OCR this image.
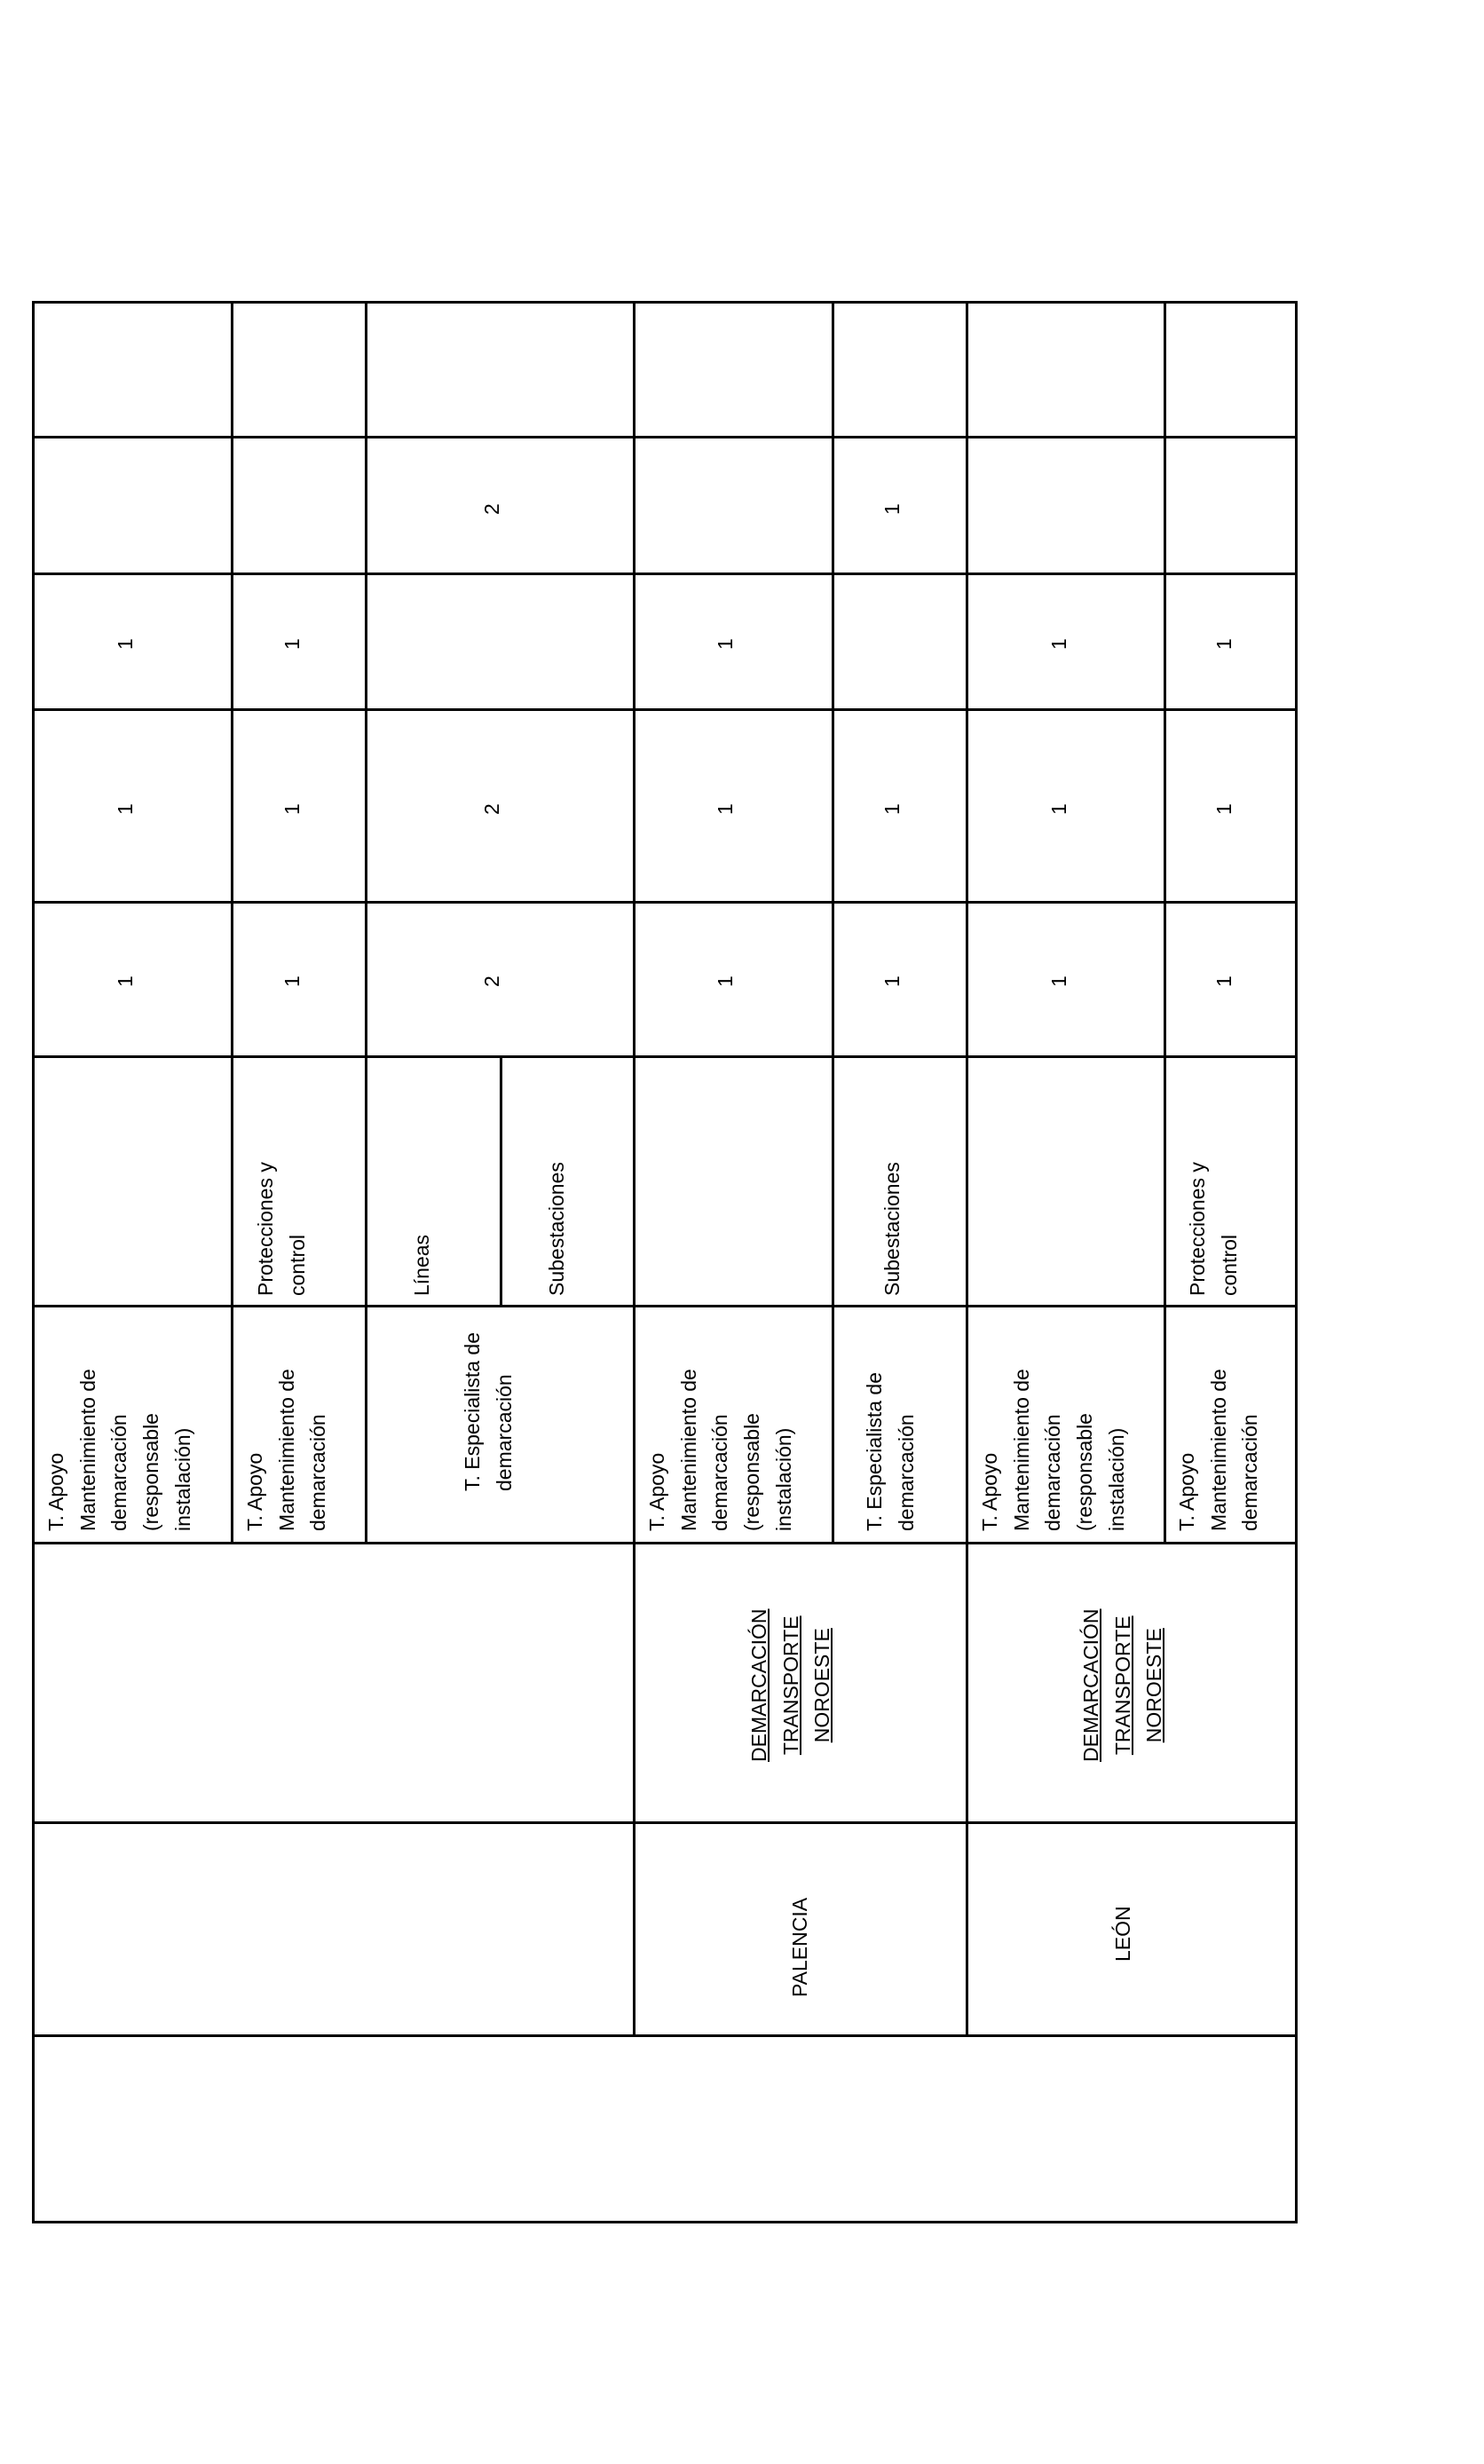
1
1
1
T. Apoyo
Mantenimiento de
demarcación
(responsable
instalación)
1
1
1
Protecciones y
control
T. Apoyo
Mantenimiento de
demarcación
2
2
2
Líneas	Subestaciones
T. Especialista de
demarcación
1
1
1
T. Apoyo
Mantenimiento de
demarcación
(responsable
instalación)
1
1
1
Subestaciones
T. Especialista de
demarcación
DEMARCACIÓN
TRANSPORTE
NOROESTE
PALENCIA
1
1
1
T. Apoyo
Mantenimiento de
demarcación
(responsable
instalación)
1
1
1
Protecciones y
control
T. Apoyo
Mantenimiento de
demarcación
DEMARCACIÓN
TRANSPORTE
NOROESTE
LEÓN
